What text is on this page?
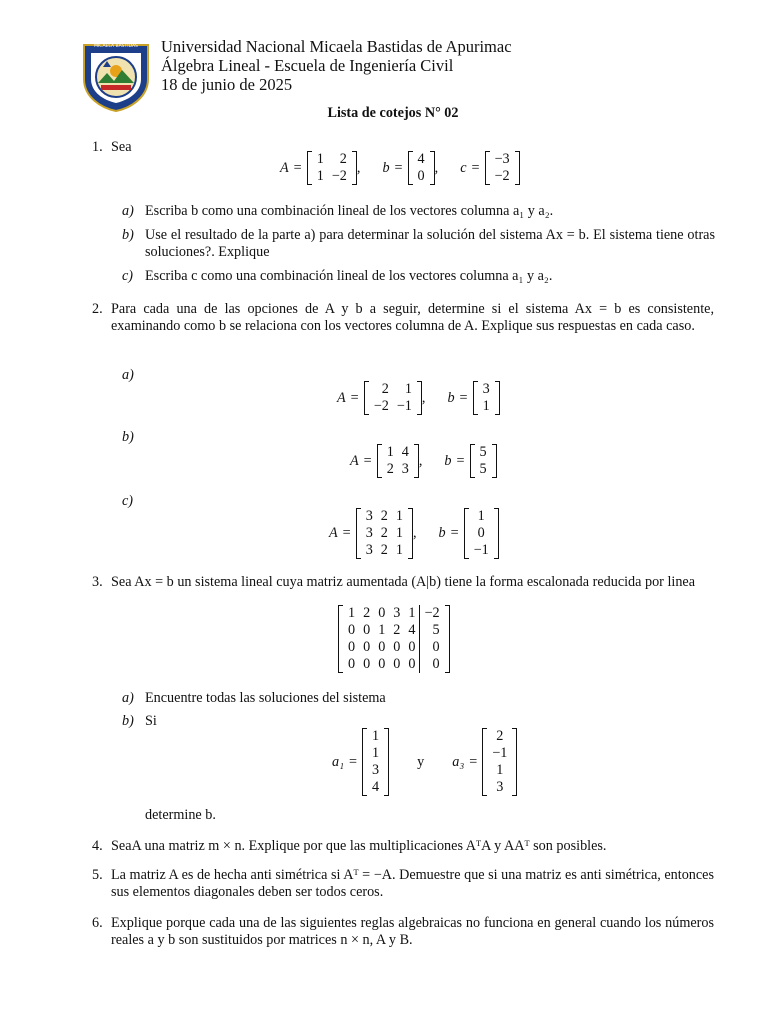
MICAELA BASTIDAS Universidad Nacional Micaela Bastidas de Apurimac
Álgebra Lineal - Escuela de Ingeniería Civil
18 de junio de 2025
Lista de cotejos N° 02
1. Sea
A =
1	2
1	−2
, b =
4
0
, c =
−3
−2
a) Escriba b como una combinación lineal de los vectores columna a₁ y a₂.
b) Use el resultado de la parte a) para determinar la solución del sistema Ax = b. El sistema tiene otras soluciones?. Explique
c) Escriba c como una combinación lineal de los vectores columna a₁ y a₂.
2. Para cada una de las opciones de A y b a seguir, determine si el sistema Ax = b es consistente, examinando como b se relaciona con los vectores columna de A. Explique sus respuestas en cada caso.
a)
A =
2	1
−2	−1
, b =
3
1
b)
A =
1	4
2	3
, b =
5
5
c)
A =
3	2	1
3	2	1
3	2	1
, b =
1
0
−1
3. Sea Ax = b un sistema lineal cuya matriz aumentada (A|b) tiene la forma escalonada reducida por linea
1	2	0	3	1	−2
0	0	1	2	4	5
0	0	0	0	0	0
0	0	0	0	0	0
a) Encuentre todas las soluciones del sistema
b) Si
a₁ =
1
1
3
4
y a₃ =
2
−1
1
3
determine b.
4. SeaA una matriz m × n. Explique por que las multiplicaciones AᵀA y AAᵀ son posibles.
5. La matriz A es de hecha anti simétrica si Aᵀ = −A. Demuestre que si una matriz es anti simétrica, entonces sus elementos diagonales deben ser todos ceros.
6. Explique porque cada una de las siguientes reglas algebraicas no funciona en general cuando los números reales a y b son sustituidos por matrices n × n, A y B.
